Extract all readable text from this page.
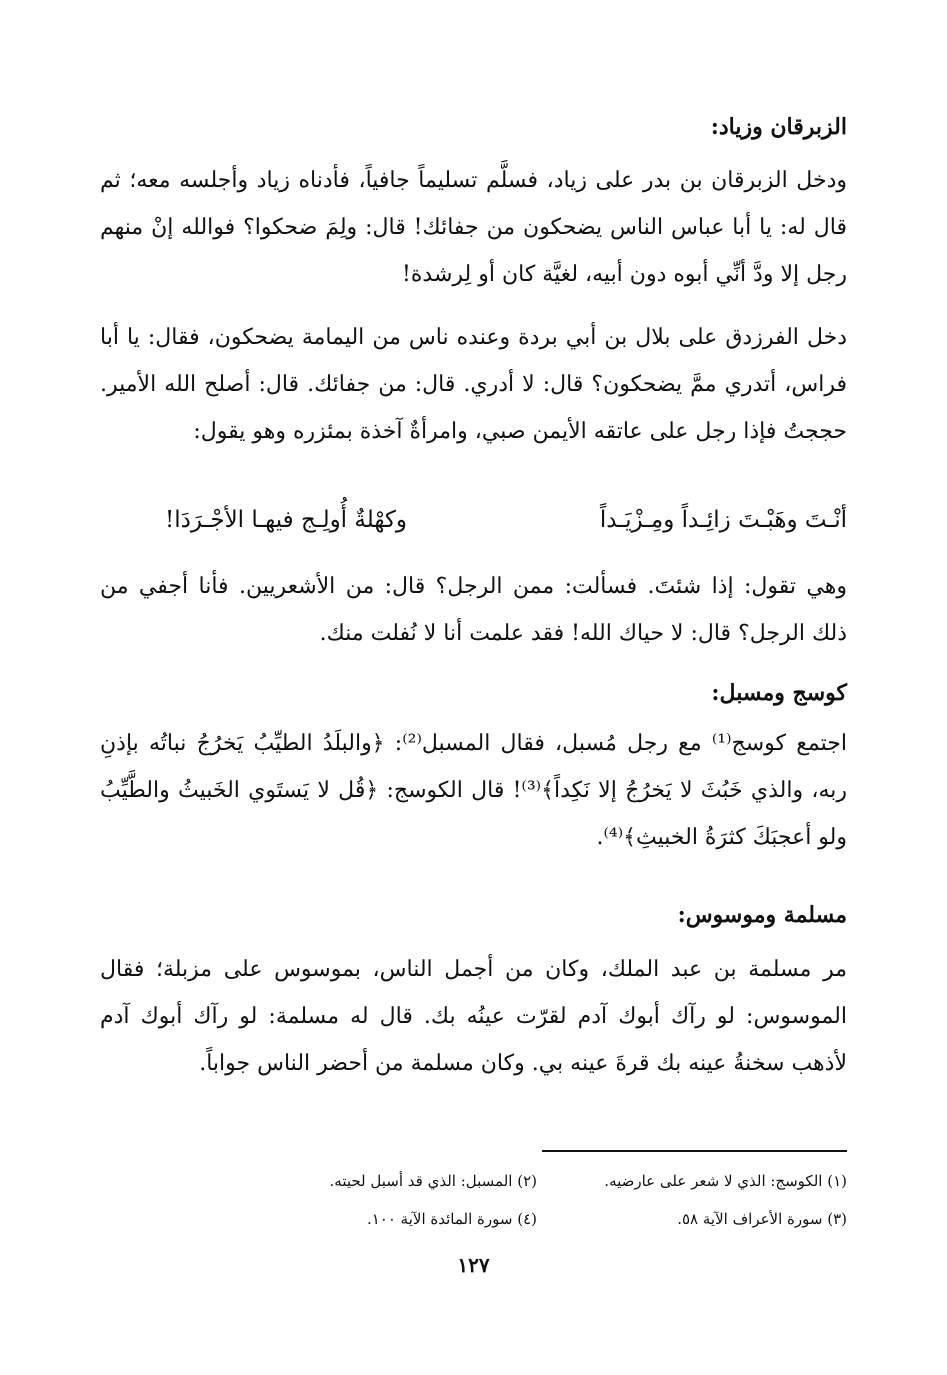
الزبرقان وزياد:

ودخل الزبرقان بن بدر على زياد، فسلَّم تسليماً جافياً، فأدناه زياد وأجلسه معه؛ ثم قال له: يا أبا عباس الناس يضحكون من جفائك! قال: ولِمَ ضحكوا؟ فوالله إنْ منهم رجل إلا ودَّ أنِّي أبوه دون أبيه، لغيَّة كان أو لِرشدة!

دخل الفرزدق على بلال بن أبي بردة وعنده ناس من اليمامة يضحكون، فقال: يا أبا فراس، أتدري ممَّ يضحكون؟ قال: لا أدري. قال: من جفائك. قال: أصلح الله الأمير. حججتُ فإذا رجل على عاتقه الأيمن صبي، وامرأةٌ آخذة بمئزره وهو يقول:

أنْـتَ وهَبْـتَ زائِـداً ومِـزْيَـداً
وكهْلةٌ أُولِـج فيهـا الأجْـرَدَا!

وهي تقول: إذا شئتَ. فسألت: ممن الرجل؟ قال: من الأشعريين. فأنا أجفي من ذلك الرجل؟ قال: لا حياك الله! فقد علمت أنا لا نُفلت منك.

كوسج ومسبل:

اجتمع كوسج⁽¹⁾ مع رجل مُسبل، فقال المسبل⁽²⁾: ﴿والبلَدُ الطيِّبُ يَخرُجُ نباتُه بإذنِ ربه، والذي خَبُثَ لا يَخرُجُ إلا نَكِداً﴾⁽³⁾! قال الكوسج: ﴿قُل لا يَستَوي الخَبيثُ والطَّيِّبُ ولو أعجبَكَ كثرَةُ الخبيثِ﴾⁽⁴⁾.

مسلمة وموسوس:

مر مسلمة بن عبد الملك، وكان من أجمل الناس، بموسوس على مزبلة؛ فقال الموسوس: لو رآك أبوك آدم لقرّت عينُه بك. قال له مسلمة: لو رآك أبوك آدم لأذهب سخنةُ عينه بك قرةَ عينه بي. وكان مسلمة من أحضر الناس جواباً.

(١) الكوسج: الذي لا شعر على عارضيه.
(٢) المسبل: الذي قد أسبل لحيته.
(٣) سورة الأعراف الآية ٥٨.
(٤) سورة المائدة الآية ١٠٠.
١٢٧
